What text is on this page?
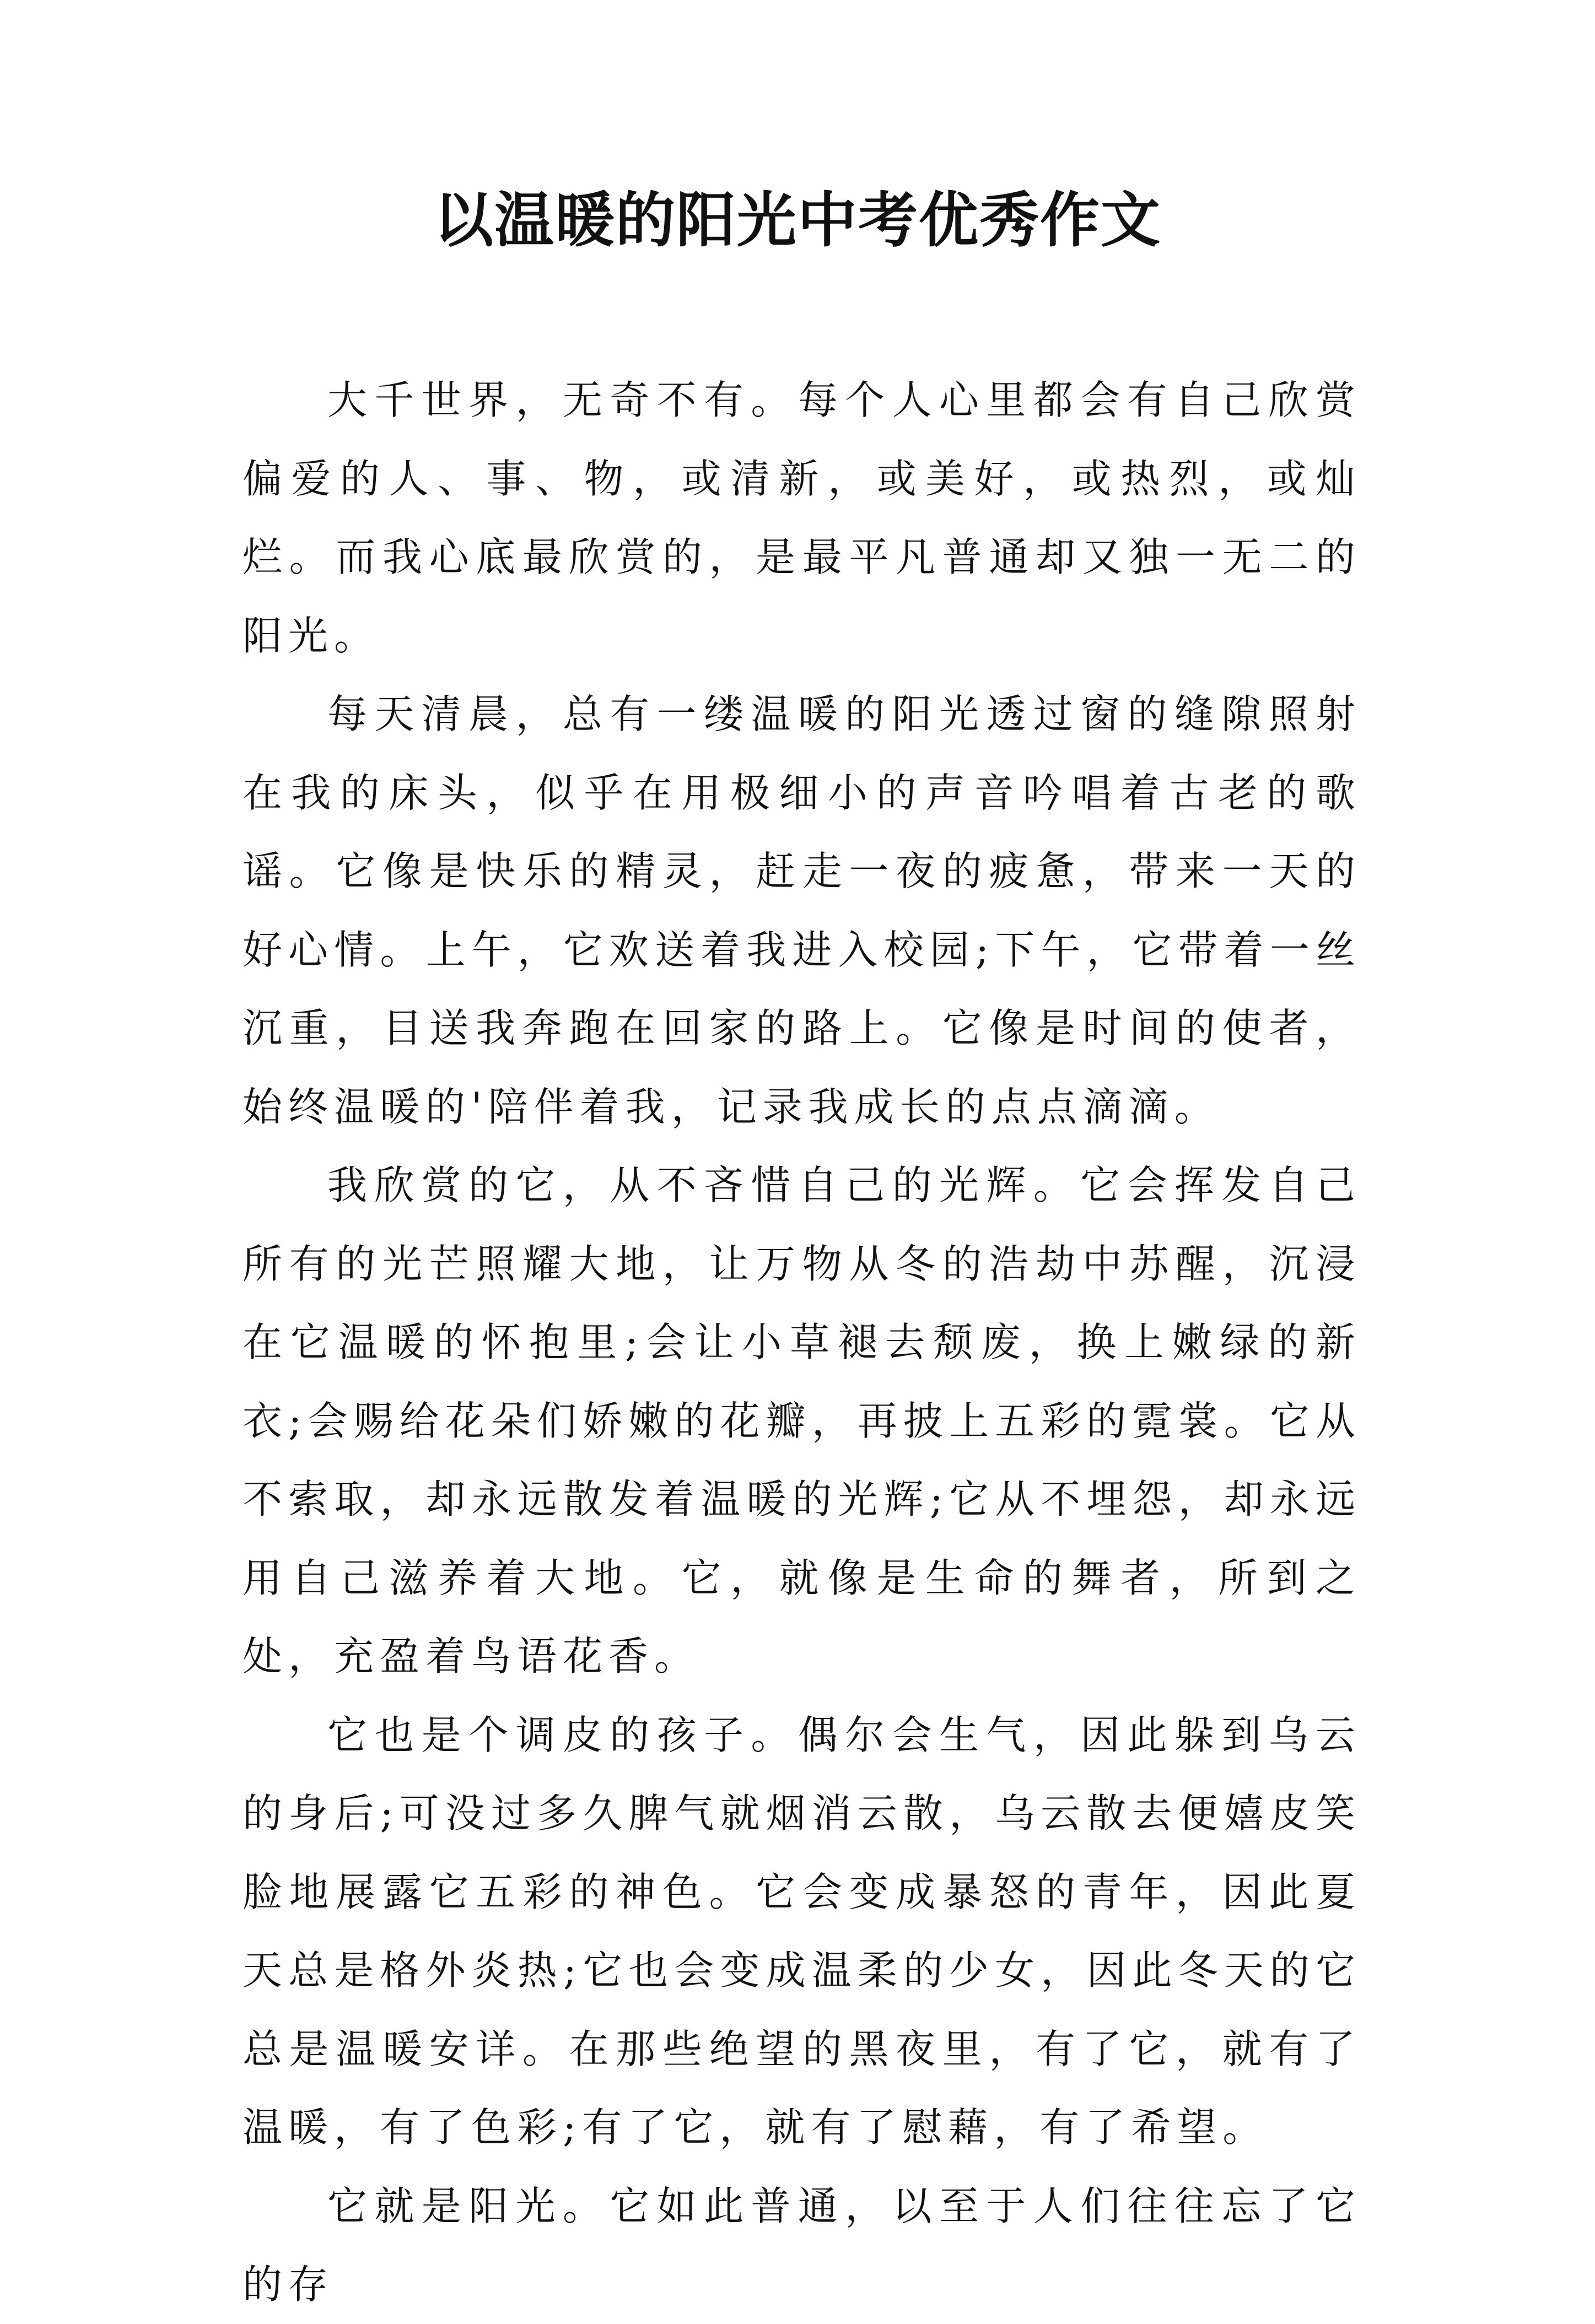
以温暖的阳光中考优秀作文

大千世界，无奇不有。每个人心里都会有自己欣赏偏爱的人、事、物，或清新，或美好，或热烈，或灿烂。而我心底最欣赏的，是最平凡普通却又独一无二的阳光。

每天清晨，总有一缕温暖的阳光透过窗的缝隙照射在我的床头，似乎在用极细小的声音吟唱着古老的歌谣。它像是快乐的精灵，赶走一夜的疲惫，带来一天的好心情。上午，它欢送着我进入校园;下午，它带着一丝沉重，目送我奔跑在回家的路上。它像是时间的使者，始终温暖的'陪伴着我，记录我成长的点点滴滴。

我欣赏的它，从不吝惜自己的光辉。它会挥发自己所有的光芒照耀大地，让万物从冬的浩劫中苏醒，沉浸在它温暖的怀抱里;会让小草褪去颓废，换上嫩绿的新衣;会赐给花朵们娇嫩的花瓣，再披上五彩的霓裳。它从不索取，却永远散发着温暖的光辉;它从不埋怨，却永远用自己滋养着大地。它，就像是生命的舞者，所到之处，充盈着鸟语花香。

它也是个调皮的孩子。偶尔会生气，因此躲到乌云的身后;可没过多久脾气就烟消云散，乌云散去便嬉皮笑脸地展露它五彩的神色。它会变成暴怒的青年，因此夏天总是格外炎热;它也会变成温柔的少女，因此冬天的它总是温暖安详。在那些绝望的黑夜里，有了它，就有了温暖，有了色彩;有了它，就有了慰藉，有了希望。

它就是阳光。它如此普通，以至于人们往往忘了它的存
